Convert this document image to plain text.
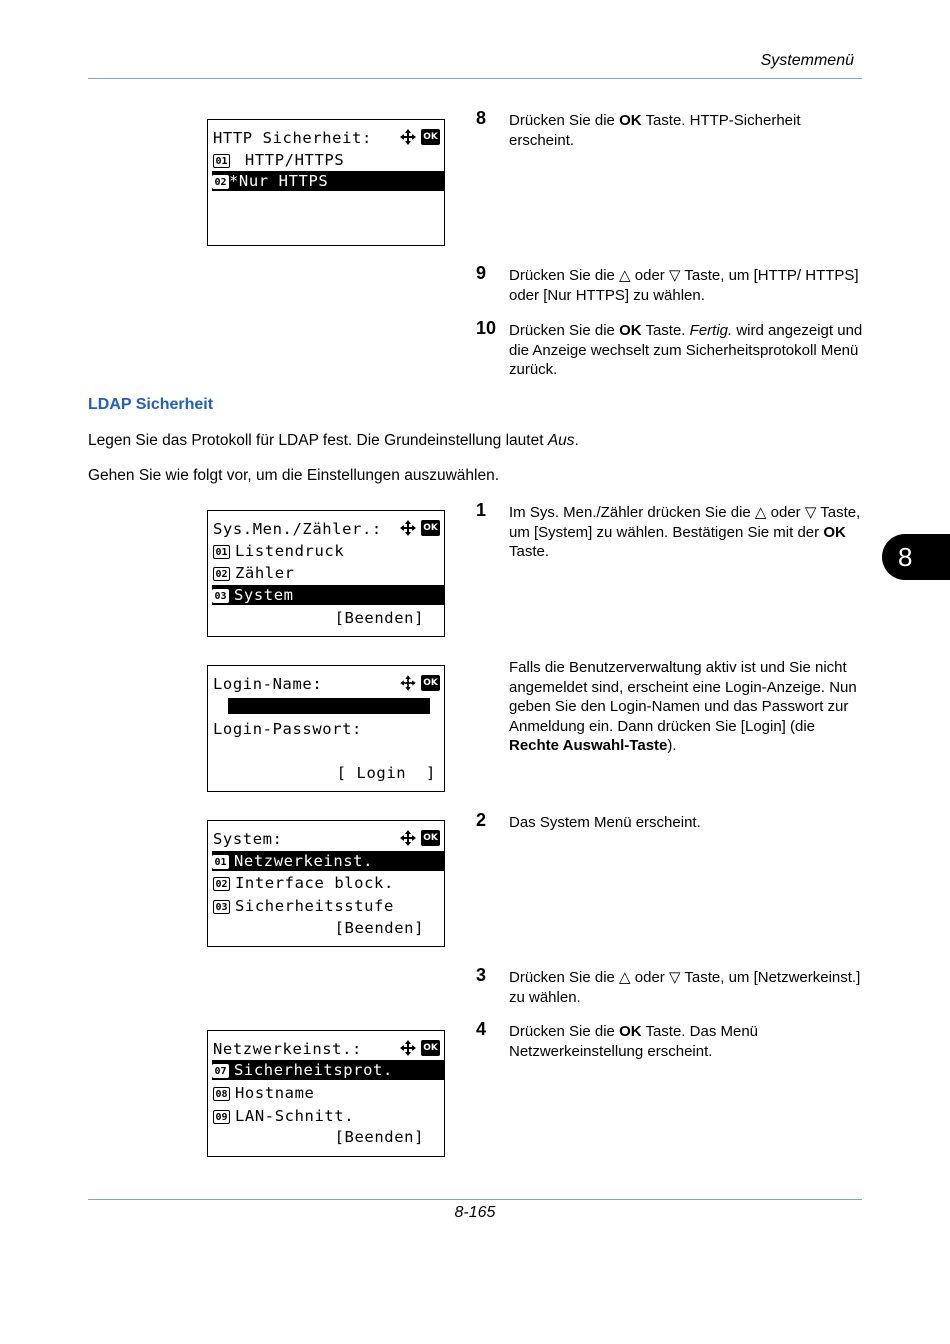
Systemmenü
8
HTTP Sicherheit:	OK
01 HTTP/HTTPS
02 *Nur HTTPS
8 Drücken Sie die OK Taste. HTTP-Sicherheit erscheint.
9 Drücken Sie die △ oder ▽ Taste, um [HTTP/ HTTPS] oder [Nur HTTPS] zu wählen.
10 Drücken Sie die OK Taste. Fertig. wird angezeigt und die Anzeige wechselt zum Sicherheitsprotokoll Menü zurück.
LDAP Sicherheit
Legen Sie das Protokoll für LDAP fest. Die Grundeinstellung lautet Aus.
Gehen Sie wie folgt vor, um die Einstellungen auszuwählen.
Sys.Men./Zähler.:	OK
01 Listendruck
02 Zähler
03 System
[Beenden]
1 Im Sys. Men./Zähler drücken Sie die △ oder ▽ Taste, um [System] zu wählen. Bestätigen Sie mit der OK Taste.
Login-Name:	OK
Login-Passwort:
[ Login  ]
Falls die Benutzerverwaltung aktiv ist und Sie nicht angemeldet sind, erscheint eine Login-Anzeige. Nun geben Sie den Login-Namen und das Passwort zur Anmeldung ein. Dann drücken Sie [Login] (die Rechte Auswahl-Taste).
System:	OK
01 Netzwerkeinst.
02 Interface block.
03 Sicherheitsstufe
[Beenden]
2 Das System Menü erscheint.
3 Drücken Sie die △ oder ▽ Taste, um [Netzwerkeinst.] zu wählen.
Netzwerkeinst.:	OK
07 Sicherheitsprot.
08 Hostname
09 LAN-Schnitt.
[Beenden]
4 Drücken Sie die OK Taste. Das Menü Netzwerkeinstellung erscheint.
8-165
